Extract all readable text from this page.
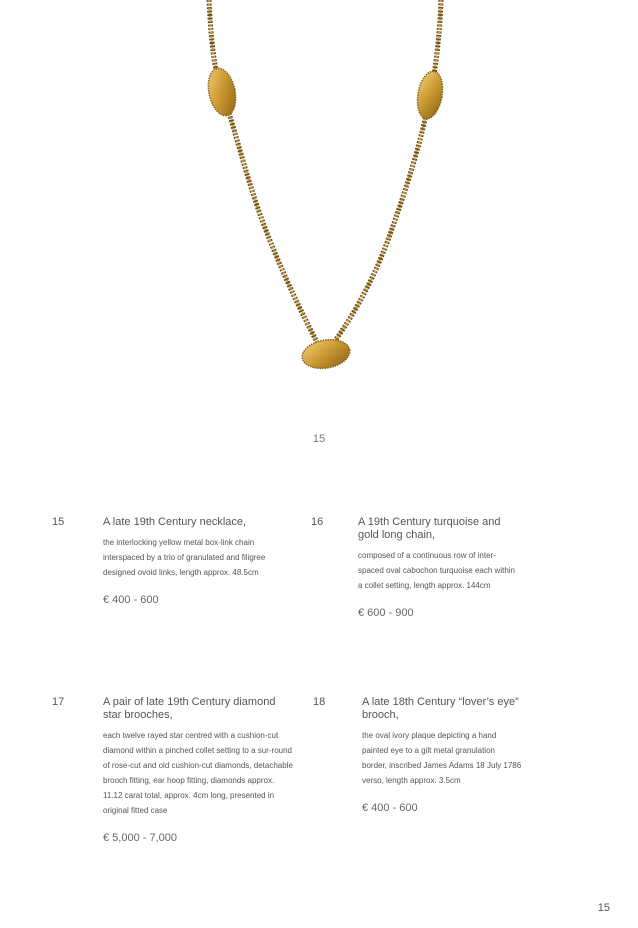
15
15	A late 19th Century necklace,

the interlocking yellow metal box-link chain interspaced by a trio of granulated and filigree designed ovoid links, length approx. 48.5cm

€ 400 - 600
16	A 19th Century turquoise and gold long chain,

composed of a continuous row of inter-spaced oval cabochon turquoise each within a collet setting, length approx. 144cm

€ 600 - 900
17	A pair of late 19th Century diamond star brooches,

each twelve rayed star centred with a cushion-cut diamond within a pinched collet setting to a sur-round of rose-cut and old cushion-cut diamonds, detachable brooch fitting, ear hoop fitting, diamonds approx. 11.12 carat total, approx. 4cm long, presented in original fitted case

€ 5,000 - 7,000
18	A late 18th Century “lover’s eye” brooch,

the oval ivory plaque depicting a hand painted eye to a gilt metal granulation border, inscribed James Adams 18 July 1786 verso, length approx. 3.5cm

€ 400 - 600
15
